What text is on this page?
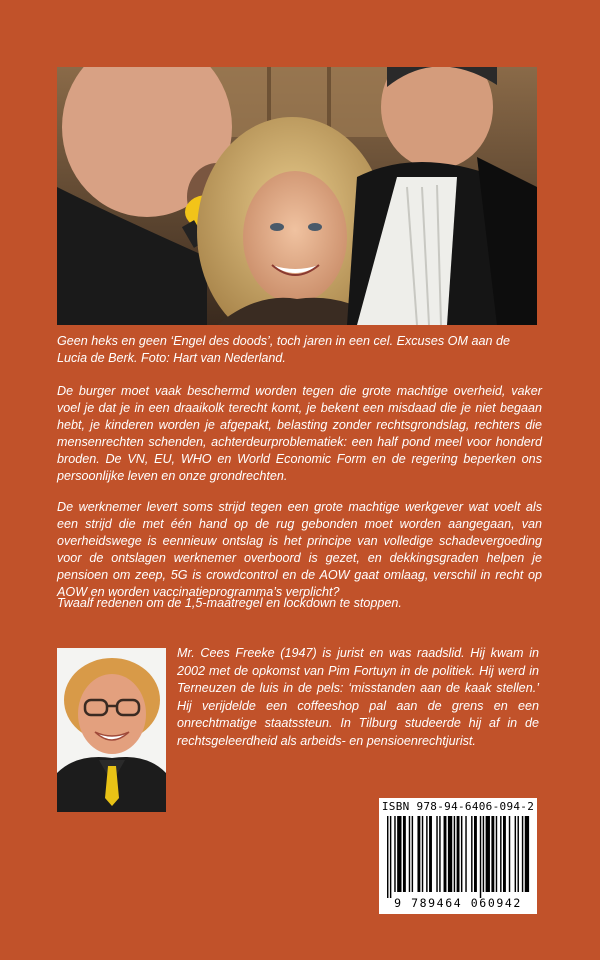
Geen heks en geen ‘Engel des doods’, toch jaren in een cel. Excuses OM aan de Lucia de Berk. Foto: Hart van Nederland.

De burger moet vaak beschermd worden tegen die grote machtige overheid, vaker voel je dat je in een draaikolk terecht komt, je bekent een misdaad die je niet begaan hebt, je kinderen worden je afgepakt, belasting zonder rechtsgrondslag, rechters die mensenrechten schenden, achterdeurproblematiek: een half pond meel voor honderd broden. De VN, EU, WHO en World Economic Form en de regering beperken ons persoonlijke leven en onze grondrechten.

De werknemer levert soms strijd tegen een grote machtige werkgever wat voelt als een strijd die met één hand op de rug gebonden moet worden aangegaan, van overheidswege is eennieuw ontslag is het principe van volledige schadevergoeding voor de ontslagen werknemer overboord is gezet, en dekkingsgraden helpen je pensioen om zeep, 5G is crowdcontrol en de AOW gaat omlaag, verschil in recht op AOW en worden vaccinatieprogramma’s verplicht?

Twaalf redenen om de 1,5-maatregel en lockdown te stoppen.

Mr. Cees Freeke (1947) is jurist en was raadslid. Hij kwam in 2002 met de opkomst van Pim Fortuyn in de politiek. Hij werd in Terneuzen de luis in de pels: ‘misstanden aan de kaak stellen.’ Hij verijdelde een coffeeshop pal aan de grens en een onrechtmatige staatssteun. In Tilburg studeerde hij af in de rechtsgeleerdheid als arbeids- en pensioenrechtjurist.

ISBN 978-94-6406-094-2
9 789464 060942
